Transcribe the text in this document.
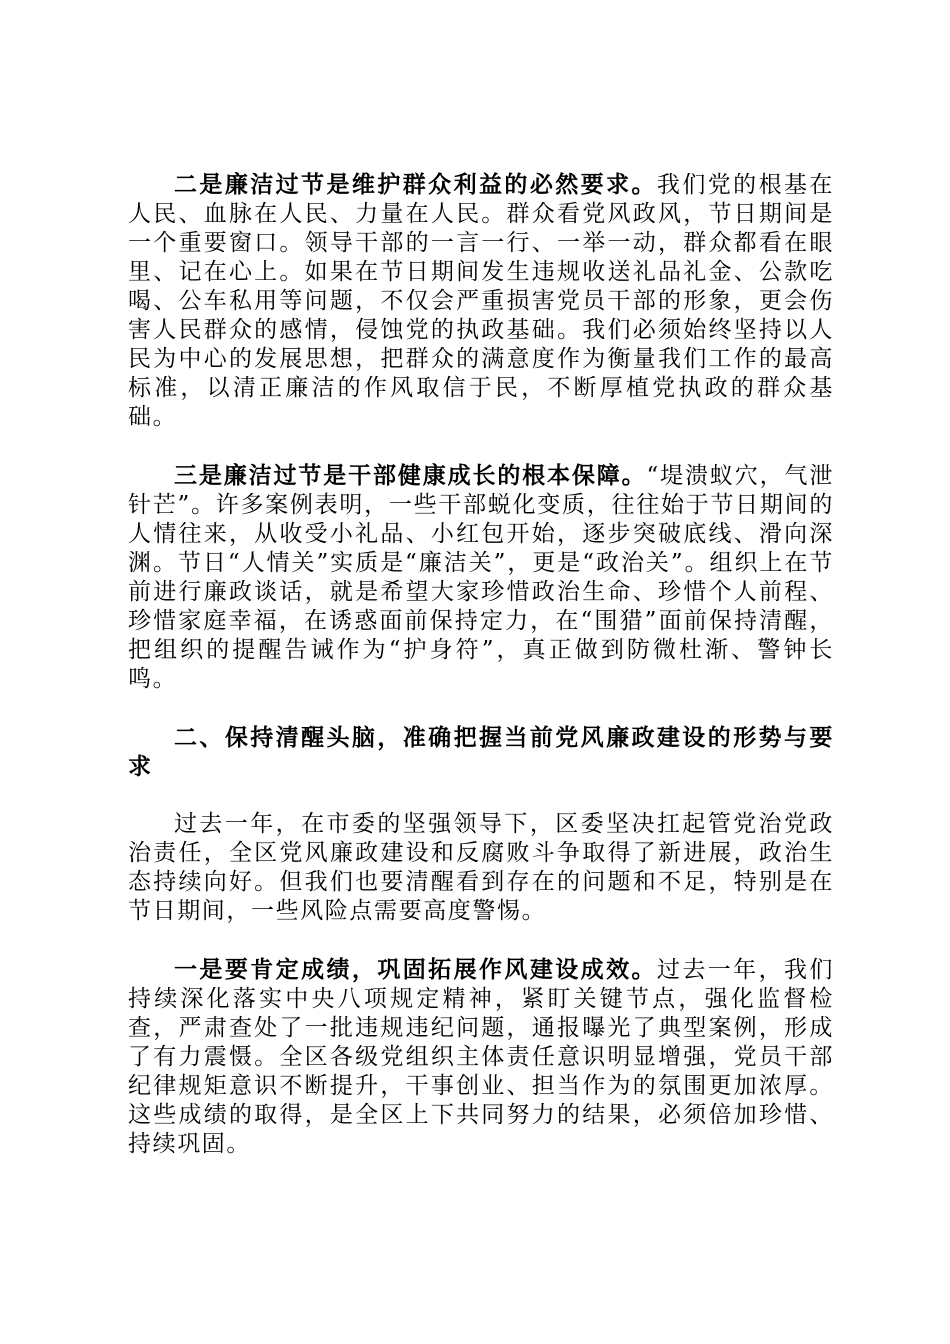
二是廉洁过节是维护群众利益的必然要求。我们党的根基在人民、血脉在人民、力量在人民。群众看党风政风，节日期间是一个重要窗口。领导干部的一言一行、一举一动，群众都看在眼里、记在心上。如果在节日期间发生违规收送礼品礼金、公款吃喝、公车私用等问题，不仅会严重损害党员干部的形象，更会伤害人民群众的感情，侵蚀党的执政基础。我们必须始终坚持以人民为中心的发展思想，把群众的满意度作为衡量我们工作的最高标准，以清正廉洁的作风取信于民，不断厚植党执政的群众基础。

三是廉洁过节是干部健康成长的根本保障。“堤溃蚁穴，气泄针芒”。许多案例表明，一些干部蜕化变质，往往始于节日期间的人情往来，从收受小礼品、小红包开始，逐步突破底线、滑向深渊。节日“人情关”实质是“廉洁关”，更是“政治关”。组织上在节前进行廉政谈话，就是希望大家珍惜政治生命、珍惜个人前程、珍惜家庭幸福，在诱惑面前保持定力，在“围猎”面前保持清醒，把组织的提醒告诫作为“护身符”，真正做到防微杜渐、警钟长鸣。

二、保持清醒头脑，准确把握当前党风廉政建设的形势与要求

过去一年，在市委的坚强领导下，区委坚决扛起管党治党政治责任，全区党风廉政建设和反腐败斗争取得了新进展，政治生态持续向好。但我们也要清醒看到存在的问题和不足，特别是在节日期间，一些风险点需要高度警惕。

一是要肯定成绩，巩固拓展作风建设成效。过去一年，我们持续深化落实中央八项规定精神，紧盯关键节点，强化监督检查，严肃查处了一批违规违纪问题，通报曝光了典型案例，形成了有力震慑。全区各级党组织主体责任意识明显增强，党员干部纪律规矩意识不断提升，干事创业、担当作为的氛围更加浓厚。这些成绩的取得，是全区上下共同努力的结果，必须倍加珍惜、持续巩固。
